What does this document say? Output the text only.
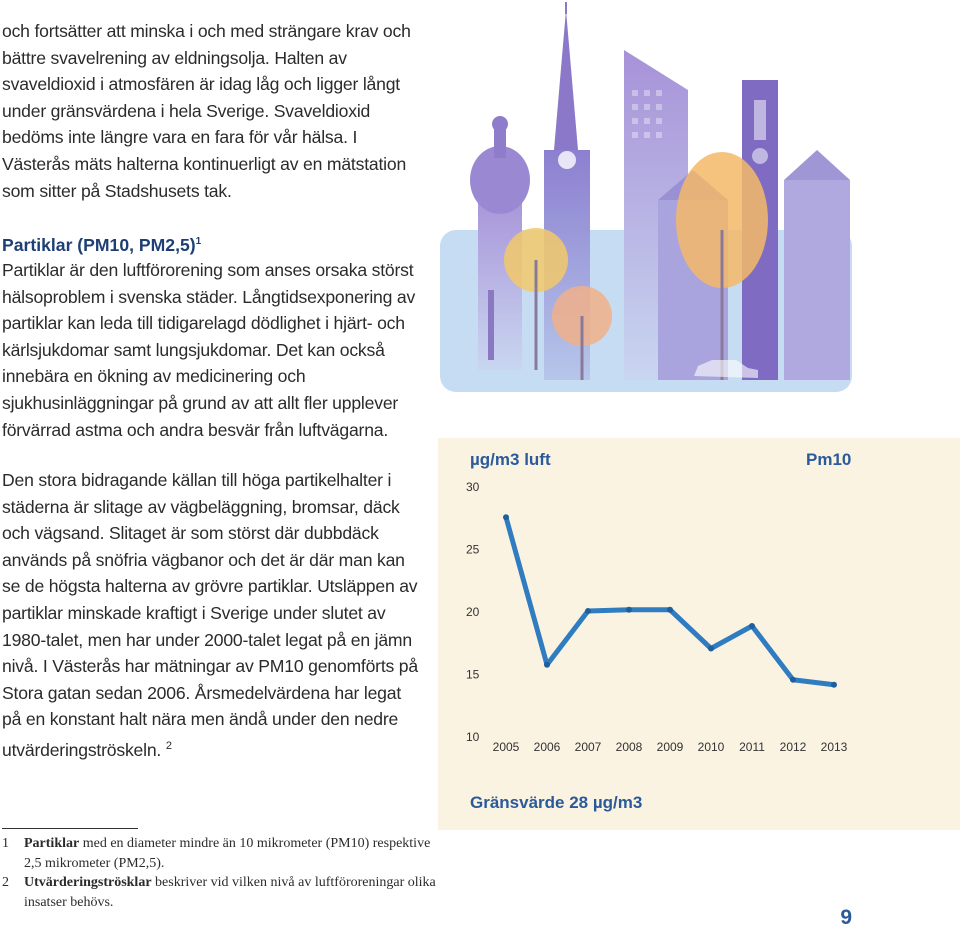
och fortsätter att minska i och med strängare krav och bättre svavelrening av eldningsolja. Halten av svaveldioxid i atmosfären är idag låg och ligger långt under gränsvärdena i hela Sverige. Svaveldioxid bedöms inte längre vara en fara för vår hälsa. I Västerås mäts halterna kontinuerligt av en mätstation som sitter på Stadshusets tak.

Partiklar (PM10, PM2,5)$^1$

Partiklar är den luftförorening som anses orsaka störst hälsoproblem i svenska städer. Långtidsexponering av partiklar kan leda till tidigarelagd dödlighet i hjärt- och kärlsjukdomar samt lungsjukdomar. Det kan också innebära en ökning av medicinering och sjukhusinläggningar på grund av att allt fler upplever förvärrad astma och andra besvär från luftvägarna.

Den stora bidragande källan till höga partikelhalter i städerna är slitage av vägbeläggning, bromsar, däck och vägsand. Slitaget är som störst där dubbdäck används på snöfria vägbanor och det är där man kan se de högsta halterna av grövre partiklar. Utsläppen av partiklar minskade kraftigt i Sverige under slutet av 1980-talet, men har under 2000-talet legat på en jämn nivå. I Västerås har mätningar av PM10 genomförts på Stora gatan sedan 2006. Årsmedelvärdena har legat på en konstant halt nära men ändå under den nedre utvärderingströskeln. $^2$

µg/m3 luft	Pm10
30
25
20
15
10
2005 2006 2007 2008 2009 2010 2011 2012 2013
Gränsvärde 28 µg/m3
1 Partiklar med en diameter mindre än 10 mikrometer (PM10) respektive 2,5 mikrometer (PM2,5).
2 Utvärderingströsklar beskriver vid vilken nivå av luftföroreningar olika insatser behövs.
9
